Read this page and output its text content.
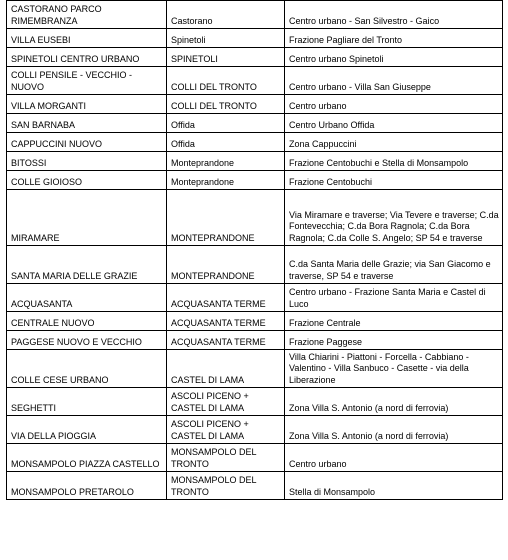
CASTORANO PARCO RIMEMBRANZA	Castorano	Centro urbano - San Silvestro - Gaico
VILLA EUSEBI	Spinetoli	Frazione Pagliare del Tronto
SPINETOLI CENTRO URBANO	SPINETOLI	Centro urbano Spinetoli
COLLI PENSILE - VECCHIO - NUOVO	COLLI DEL TRONTO	Centro urbano - Villa San Giuseppe
VILLA MORGANTI	COLLI DEL TRONTO	Centro urbano
SAN BARNABA	Offida	Centro Urbano Offida
CAPPUCCINI NUOVO	Offida	Zona Cappuccini
BITOSSI	Monteprandone	Frazione Centobuchi e Stella di Monsampolo
COLLE GIOIOSO	Monteprandone	Frazione Centobuchi
MIRAMARE	MONTEPRANDONE	Via Miramare e traverse; Via Tevere e traverse; C.da Fontevecchia; C.da Bora Ragnola; C.da Bora Ragnola; C.da Colle S. Angelo; SP 54 e traverse
SANTA MARIA DELLE GRAZIE	MONTEPRANDONE	C.da Santa Maria delle Grazie; via San Giacomo e traverse, SP 54 e traverse
ACQUASANTA	ACQUASANTA TERME	Centro urbano - Frazione Santa Maria e Castel di Luco
CENTRALE NUOVO	ACQUASANTA TERME	Frazione Centrale
PAGGESE NUOVO E VECCHIO	ACQUASANTA TERME	Frazione Paggese
COLLE CESE URBANO	CASTEL DI LAMA	Villa Chiarini - Piattoni - Forcella - Cabbiano - Valentino - Villa Sanbuco - Casette - via della Liberazione
SEGHETTI	ASCOLI PICENO + CASTEL DI LAMA	Zona Villa S. Antonio (a nord di ferrovia)
VIA DELLA PIOGGIA	ASCOLI PICENO + CASTEL DI LAMA	Zona Villa S. Antonio (a nord di ferrovia)
MONSAMPOLO PIAZZA CASTELLO	MONSAMPOLO DEL TRONTO	Centro urbano
MONSAMPOLO PRETAROLO	MONSAMPOLO DEL TRONTO	Stella di Monsampolo
